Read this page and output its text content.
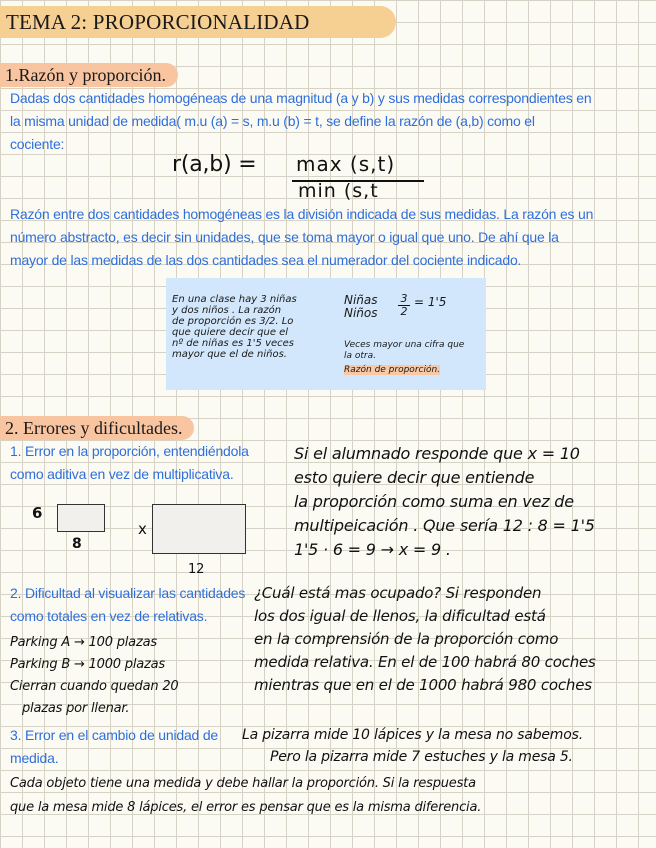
TEMA 2: PROPORCIONALIDAD
1.Razón y proporción.
Dadas dos cantidades homogéneas de una magnitud (a y b) y sus medidas correspondientes en
la misma unidad de medida( m.u (a) = s, m.u (b) = t, se define la razón de (a,b) como el
cociente:
r(a,b) = max (s,t)
min (s,t
Razón entre dos cantidades homogéneas es la división indicada de sus medidas. La razón es un
número abstracto, es decir sin unidades, que se toma mayor o igual que uno. De ahí que la
mayor de las medidas de las dos cantidades sea el numerador del cociente indicado.
En una clase hay 3 niñas
y dos niños . La razón
de proporción es 3/2. Lo
que quiere decir que el
nº de niñas es 1'5 veces
mayor que el de niños.
Niñas
Niños $\frac{3}{2} = 1'5$
Veces mayor una cifra que
la otra.
Razón de proporción.
2. Errores y dificultades.
1. Error en la proporción, entendiéndola
como aditiva en vez de multiplicativa.
Si el alumnado responde que x = 10
esto quiere decir que entiende
la proporción como suma en vez de
multipeicación . Que sería 12 : 8 = 1'5
1'5 · 6 = 9 → x = 9 .
6
8
x
12
2. Dificultad al visualizar las cantidades
como totales en vez de relativas.
¿Cuál está mas ocupado? Si responden
los dos igual de llenos, la dificultad está
en la comprensión de la proporción como
medida relativa. En el de 100 habrá 80 coches
mientras que en el de 1000 habrá 980 coches
Parking A → 100 plazas
Parking B → 1000 plazas
Cierran cuando quedan 20
plazas por llenar.
3. Error en el cambio de unidad de
medida.
La pizarra mide 10 lápices y la mesa no sabemos.
Pero la pizarra mide 7 estuches y la mesa 5.
Cada objeto tiene una medida y debe hallar la proporción. Si la respuesta
que la mesa mide 8 lápices, el error es pensar que es la misma diferencia.
